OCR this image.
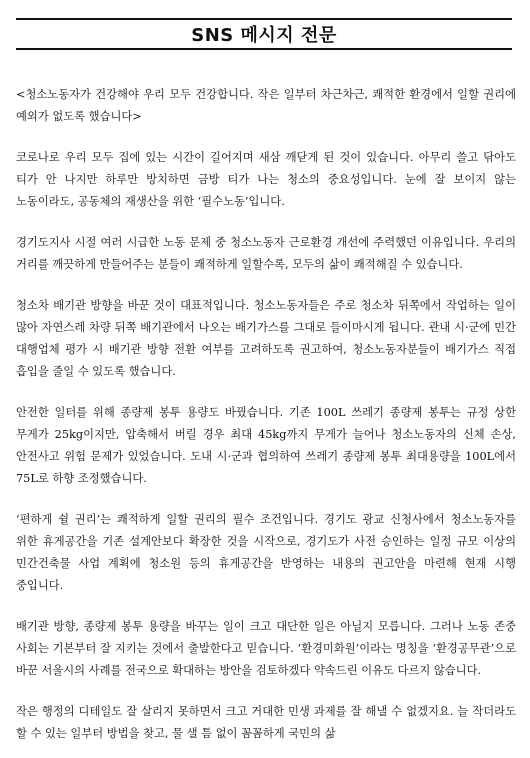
SNS 메시지 전문

<청소노동자가 건강해야 우리 모두 건강합니다. 작은 일부터 차근차근, 쾌적한 환경에서 일할 권리에 예외가 없도록 했습니다>

코로나로 우리 모두 집에 있는 시간이 길어지며 새삼 깨닫게 된 것이 있습니다. 아무리 쓸고 닦아도 티가 안 나지만 하루만 방치하면 금방 티가 나는 청소의 중요성입니다. 눈에 잘 보이지 않는 노동이라도, 공동체의 재생산을 위한 ‘필수노동’입니다.

경기도지사 시절 여러 시급한 노동 문제 중 청소노동자 근로환경 개선에 주력했던 이유입니다. 우리의 거리를 깨끗하게 만들어주는 분들이 쾌적하게 일할수록, 모두의 삶이 쾌적해질 수 있습니다.

청소차 배기관 방향을 바꾼 것이 대표적입니다. 청소노동자들은 주로 청소차 뒤쪽에서 작업하는 일이 많아 자연스레 차량 뒤쪽 배기관에서 나오는 배기가스를 그대로 들이마시게 됩니다. 관내 시·군에 민간 대행업체 평가 시 배기관 방향 전환 여부를 고려하도록 권고하여, 청소노동자분들이 배기가스 직접 흡입을 줄일 수 있도록 했습니다.

안전한 일터를 위해 종량제 봉투 용량도 바꿨습니다. 기존 100L 쓰레기 종량제 봉투는 규정 상한 무게가 25kg이지만, 압축해서 버릴 경우 최대 45kg까지 무게가 늘어나 청소노동자의 신체 손상, 안전사고 위험 문제가 있었습니다. 도내 시·군과 협의하여 쓰레기 종량제 봉투 최대용량을 100L에서 75L로 하향 조정했습니다.

‘편하게 쉴 권리’는 쾌적하게 일할 권리의 필수 조건입니다. 경기도 광교 신청사에서 청소노동자를 위한 휴게공간을 기존 설계안보다 확장한 것을 시작으로, 경기도가 사전 승인하는 일정 규모 이상의 민간건축물 사업 계획에 청소원 등의 휴게공간을 반영하는 내용의 권고안을 마련해 현재 시행 중입니다.

배기관 방향, 종량제 봉투 용량을 바꾸는 일이 크고 대단한 일은 아닐지 모릅니다. 그러나 노동 존중 사회는 기본부터 잘 지키는 것에서 출발한다고 믿습니다. ‘환경미화원’이라는 명칭을 ‘환경공무관’으로 바꾼 서울시의 사례를 전국으로 확대하는 방안을 검토하겠다 약속드린 이유도 다르지 않습니다.

작은 행정의 디테일도 잘 살리지 못하면서 크고 거대한 민생 과제를 잘 해낼 수 없겠지요. 늘 작더라도 할 수 있는 일부터 방법을 찾고, 물 샐 틈 없이 꼼꼼하게 국민의 삶
